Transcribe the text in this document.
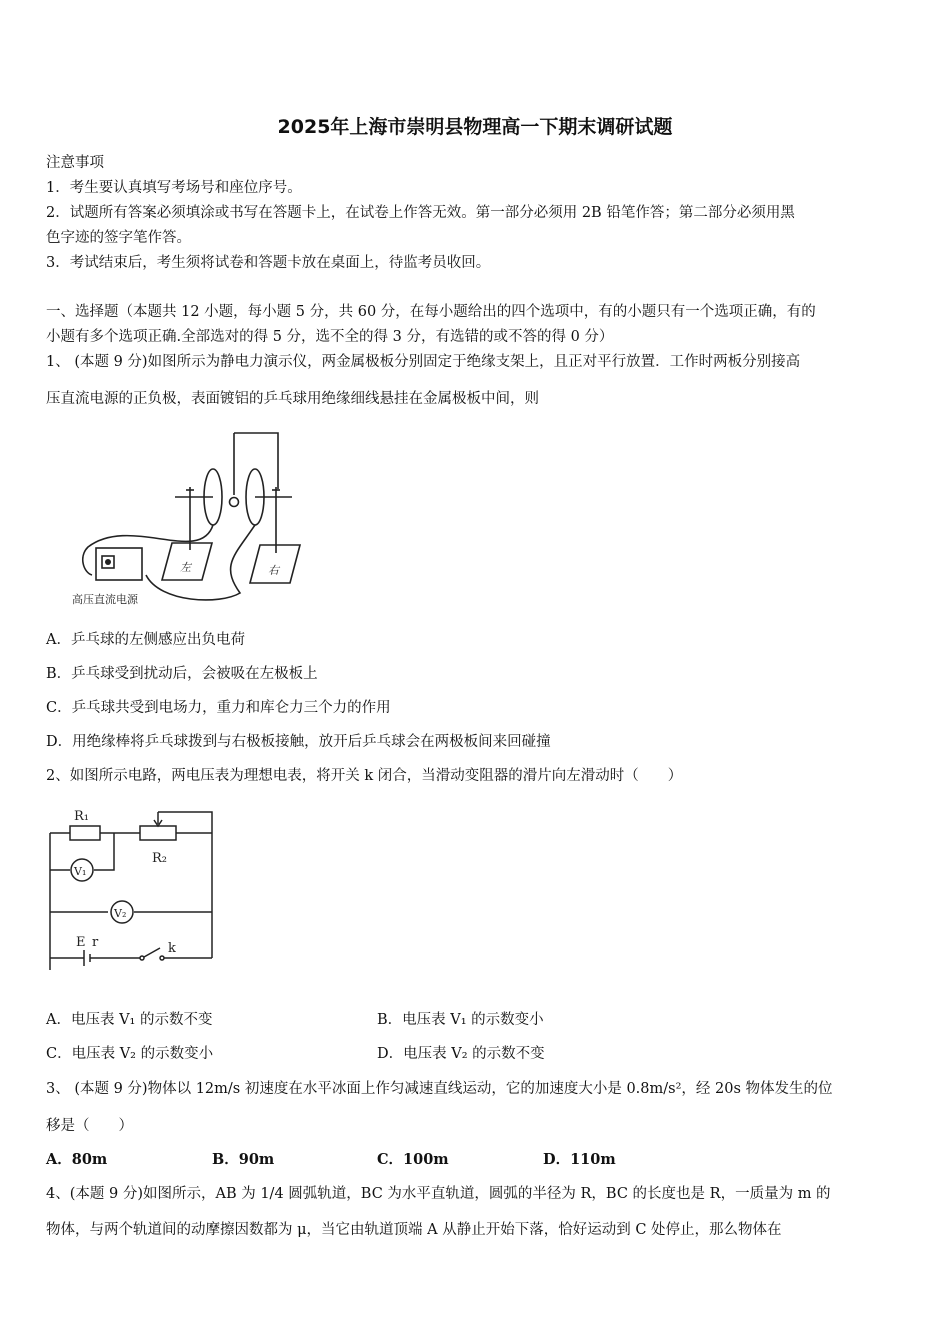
2025年上海市崇明县物理高一下期末调研试题
注意事项
1．考生要认真填写考场号和座位序号。
2．试题所有答案必须填涂或书写在答题卡上，在试卷上作答无效。第一部分必须用 2B 铅笔作答；第二部分必须用黑
色字迹的签字笔作答。
3．考试结束后，考生须将试卷和答题卡放在桌面上，待监考员收回。
一、选择题（本题共 12 小题，每小题 5 分，共 60 分，在每小题给出的四个选项中，有的小题只有一个选项正确，有的
小题有多个选项正确.全部选对的得 5 分，选不全的得 3 分，有选错的或不答的得 0 分）
1、 (本题 9 分)如图所示为静电力演示仪，两金属极板分别固定于绝缘支架上，且正对平行放置．工作时两板分别接高
压直流电源的正负极，表面镀铝的乒乓球用绝缘细线悬挂在金属极板中间，则
左	右
高压直流电源
A．乒乓球的左侧感应出负电荷
B．乒乓球受到扰动后，会被吸在左极板上
C．乒乓球共受到电场力，重力和库仑力三个力的作用
D．用绝缘棒将乒乓球拨到与右极板接触，放开后乒乓球会在两极板间来回碰撞
2、如图所示电路，两电压表为理想电表，将开关 k 闭合，当滑动变阻器的滑片向左滑动时（　　）
R₁
R₂
V₁
V₂
E r	k
A．电压表 V₁ 的示数不变	B．电压表 V₁ 的示数变小
C．电压表 V₂ 的示数变小	D．电压表 V₂ 的示数不变
3、 (本题 9 分)物体以 12m/s 初速度在水平冰面上作匀减速直线运动，它的加速度大小是 0.8m/s²，经 20s 物体发生的位
移是（　　）
A．80m	B．90m	C．100m	D．110m
4、(本题 9 分)如图所示，AB 为 1/4 圆弧轨道，BC 为水平直轨道，圆弧的半径为 R，BC 的长度也是 R，一质量为 m 的
物体，与两个轨道间的动摩擦因数都为 μ，当它由轨道顶端 A 从静止开始下落，恰好运动到 C 处停止，那么物体在
